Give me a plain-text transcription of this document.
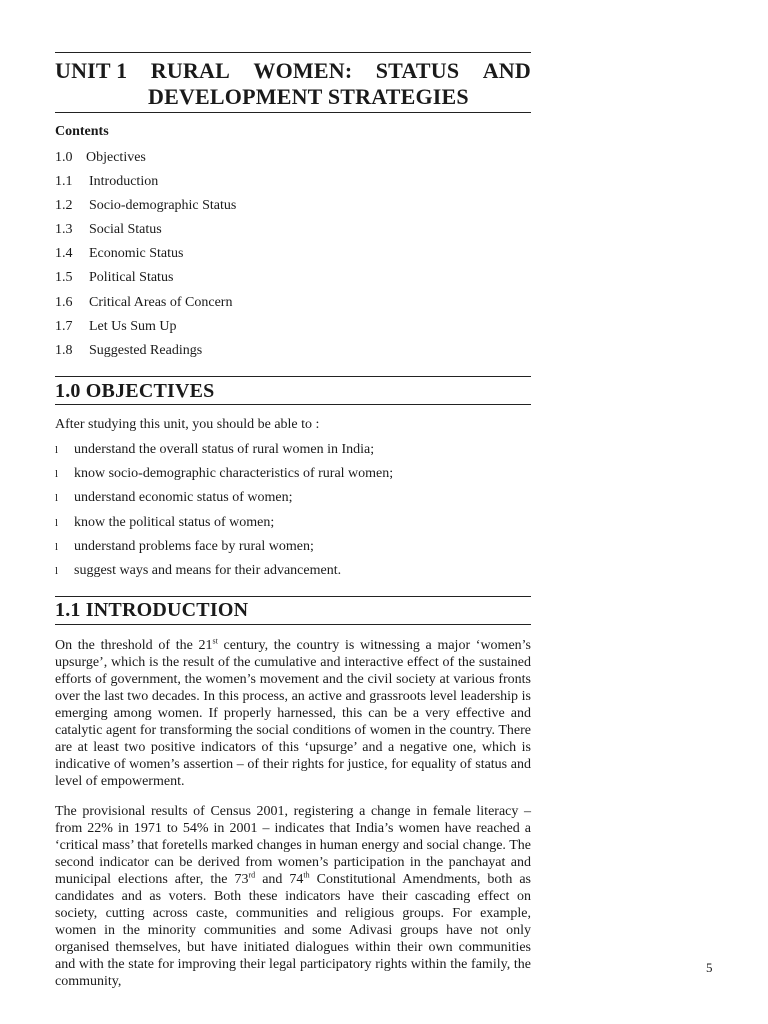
UNIT 1 RURAL WOMEN: STATUS AND
DEVELOPMENT STRATEGIES
Contents
1.0 Objectives
1.1	Introduction
1.2	Socio-demographic Status
1.3	Social Status
1.4	Economic Status
1.5	Political Status
1.6	Critical Areas of Concern
1.7	Let Us Sum Up
1.8	Suggested Readings
1.0 OBJECTIVES
After studying this unit, you should be able to :
l	understand the overall status of rural women in India;
l	know socio-demographic characteristics of rural women;
l	understand economic status of women;
l	know the political status of women;
l	understand problems face by rural women;
l	suggest ways and means for their advancement.
1.1 INTRODUCTION

On the threshold of the 21st century, the country is witnessing a major ‘women’s upsurge’, which is the result of the cumulative and interactive effect of the sustained efforts of government, the women’s movement and the civil society at various fronts over the last two decades. In this process, an active and grassroots level leadership is emerging among women. If properly harnessed, this can be a very effective and catalytic agent for transforming the social conditions of women in the country. There are at least two positive indicators of this ‘upsurge’ and a negative one, which is indicative of women’s assertion – of their rights for justice, for equality of status and level of empowerment.

The provisional results of Census 2001, registering a change in female literacy – from 22% in 1971 to 54% in 2001 – indicates that India’s women have reached a ‘critical mass’ that foretells marked changes in human energy and social change. The second indicator can be derived from women’s participation in the panchayat and municipal elections after, the 73rd and 74th Constitutional Amendments, both as candidates and as voters. Both these indicators have their cascading effect on society, cutting across caste, communities and religious groups. For example, women in the minority communities and some Adivasi groups have not only organised themselves, but have initiated dialogues within their own communities and with the state for improving their legal participatory rights within the family, the community,

5
